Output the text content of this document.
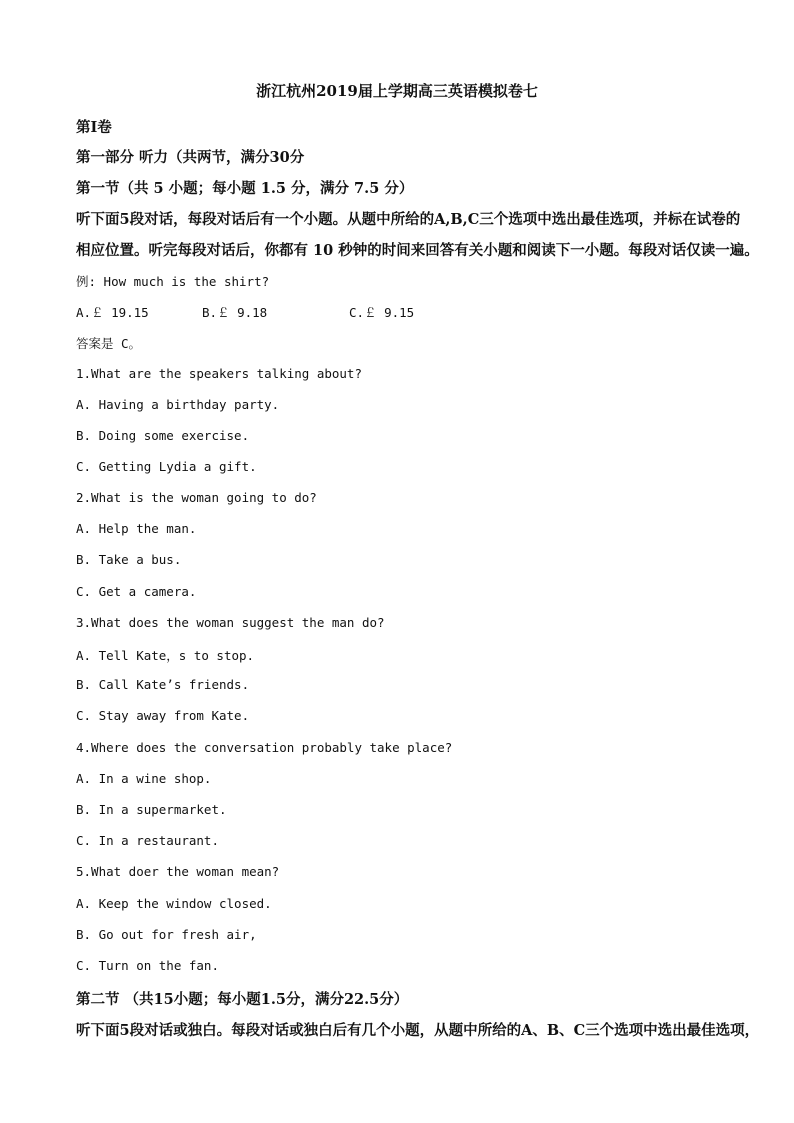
浙江杭州2019届上学期高三英语模拟卷七
第Ⅰ卷
第一部分 听力（共两节，满分30分
第一节（共 5 小题；每小题 1.5 分，满分 7.5 分）
听下面5段对话，每段对话后有一个小题。从题中所给的A,B,C三个选项中选出最佳选项，并标在试卷的
相应位置。听完每段对话后，你都有 10 秒钟的时间来回答有关小题和阅读下一小题。每段对话仅读一遍。
例: How much is the shirt?
A.￡ 19.15	B.￡ 9.18	C.￡ 9.15
答案是 C。
1.What are the speakers talking about?
A. Having a birthday party.
B. Doing some exercise.
C. Getting Lydia a gift.
2.What is the woman going to do?
A. Help the man.
B. Take a bus.
C. Get a camera.
3.What does the woman suggest the man do?
A. Tell Kate，s to stop.
B. Call Kate’s friends.
C. Stay away from Kate.
4.Where does the conversation probably take place?
A. In a wine shop.
B. In a supermarket.
C. In a restaurant.
5.What doer the woman mean?
A. Keep the window closed.
B. Go out for fresh air,
C. Turn on the fan.
第二节 （共15小题；每小题1.5分，满分22.5分）
听下面5段对话或独白。每段对话或独白后有几个小题，从题中所给的A、B、C三个选项中选出最佳选项，
